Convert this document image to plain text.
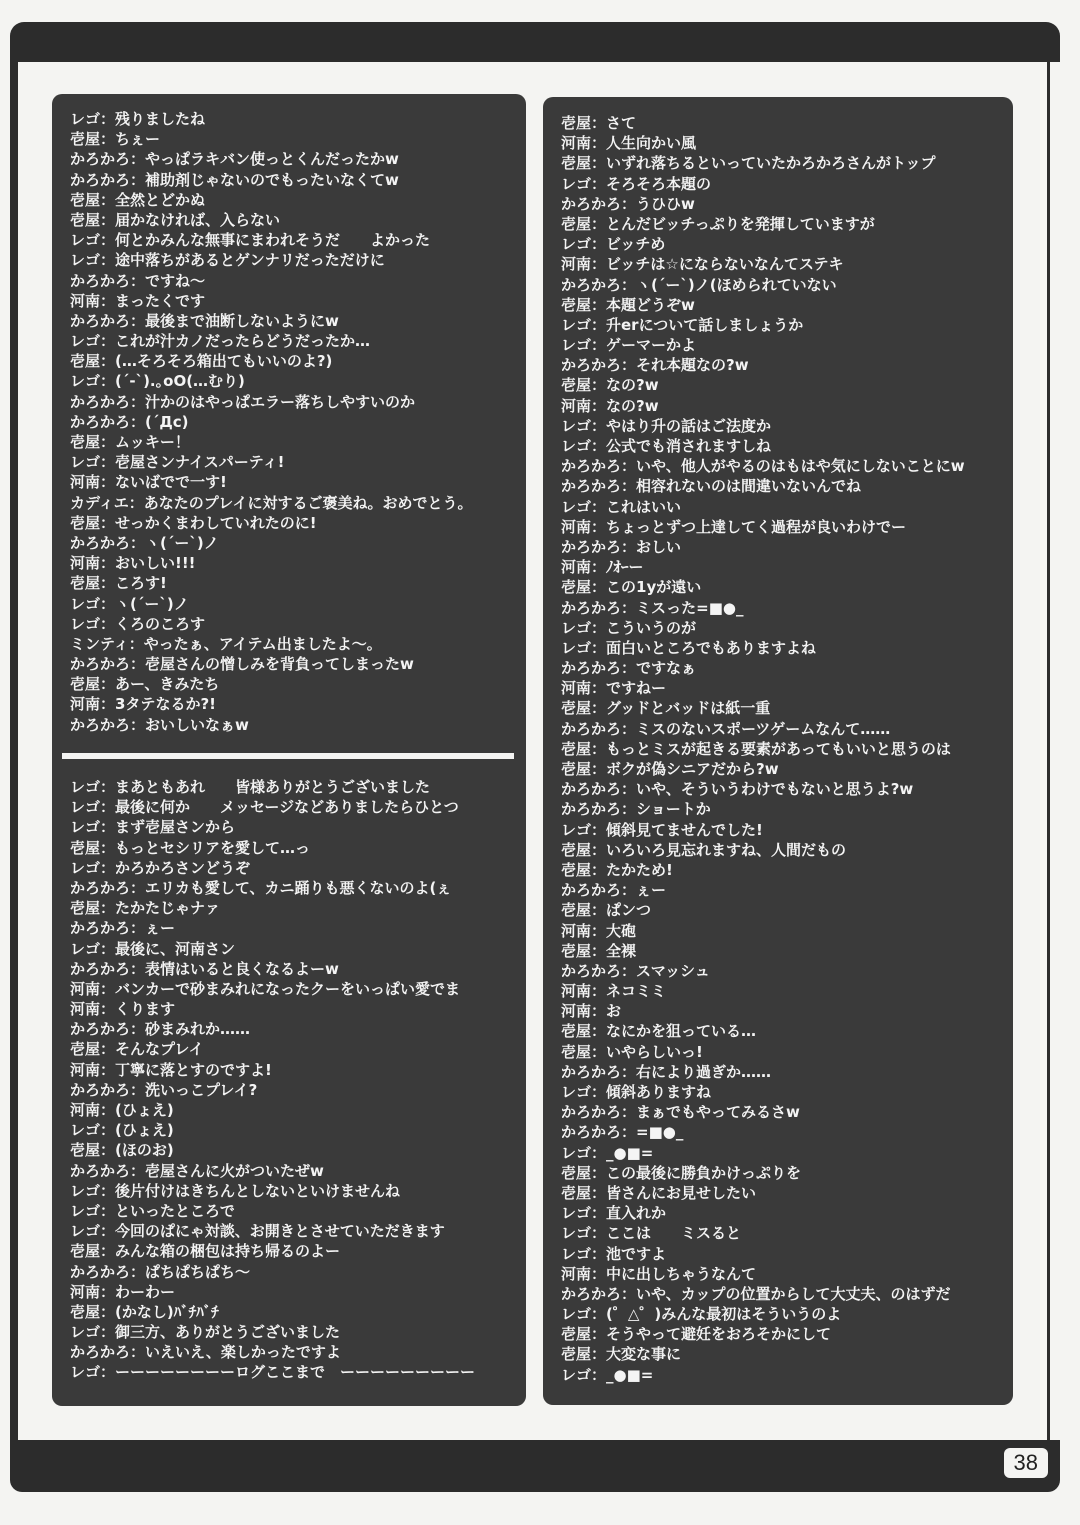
38
レゴ：残りましたね
壱屋：ちぇー
かろかろ：やっぱラキバン使っとくんだったかw
かろかろ：補助剤じゃないのでもったいなくてw
壱屋：全然とどかぬ
壱屋：届かなければ、入らない
レゴ：何とかみんな無事にまわれそうだ　　よかった
レゴ：途中落ちがあるとゲンナリだっただけに
かろかろ：ですね〜
河南：まったくです
かろかろ：最後まで油断しないようにw
レゴ：これが汁カノだったらどうだったか…
壱屋：(…そろそろ箱出てもいいのよ?)
レゴ：(´-`).｡oO(…むり)
かろかろ：汁かのはやっぱエラー落ちしやすいのか
かろかろ：(´Дc)
壱屋：ムッキー！
レゴ：壱屋さンナイスパーティ!
河南：ないばでで一す!
カディエ：あなたのプレイに対するご褒美ね。おめでとう。
壱屋：せっかくまわしていれたのに!
かろかろ：ヽ(´ー`)ノ
河南：おいしい!!!
壱屋：ころす!
レゴ：ヽ(´ー`)ノ
レゴ：くろのころす
ミンティ：やったぁ、アイテム出ましたよ〜。
かろかろ：壱屋さんの憎しみを背負ってしまったw
壱屋：あー、きみたち
河南：3タテなるか?!
かろかろ：おいしいなぁw
レゴ：まあともあれ　　皆様ありがとうございました
レゴ：最後に何か　　メッセージなどありましたらひとつ
レゴ：まず壱屋さンから
壱屋：もっとセシリアを愛して…っ
レゴ：かろかろさンどうぞ
かろかろ：エリカも愛して、カニ踊りも悪くないのよ(ぇ
壱屋：たかたじゃナァ
かろかろ：ぇー
レゴ：最後に、河南さン
かろかろ：表情はいると良くなるよーw
河南：バンカーで砂まみれになったクーをいっぱい愛でま
河南：くります
かろかろ：砂まみれか……
壱屋：そんなプレイ
河南：丁寧に落とすのですよ!
かろかろ：洗いっこプレイ?
河南：(ひょえ)
レゴ：(ひょえ)
壱屋：(ほのお)
かろかろ：壱屋さんに火がついたぜw
レゴ：後片付けはきちんとしないといけませんね
レゴ：といったところで
レゴ：今回のぱにゃ対談、お開きとさせていただきます
壱屋：みんな箱の梱包は持ち帰るのよー
かろかろ：ぱちぱちぱち〜
河南：わーわー
壱屋：(かなし)ﾊﾞﾁﾊﾞﾁ
レゴ：御三方、ありがとうございました
かろかろ：いえいえ、楽しかったですよ
レゴ：ーーーーーーーーログここまで　ーーーーーーーーー
壱屋：さて
河南：人生向かい風
壱屋：いずれ落ちるといっていたかろかろさんがトップ
レゴ：そろそろ本題の
かろかろ：うひひw
壱屋：とんだビッチっぷりを発揮していますが
レゴ：ビッチめ
河南：ビッチは☆にならないなんてステキ
かろかろ：ヽ(´ー`)ノ(ほめられていない
壱屋：本題どうぞw
レゴ：升erについて話しましょうか
レゴ：ゲーマーかよ
かろかろ：それ本題なの?w
壱屋：なの?w
河南：なの?w
レゴ：やはり升の話はご法度か
レゴ：公式でも消されますしね
かろかろ：いや、他人がやるのはもはや気にしないことにw
かろかろ：相容れないのは間違いないんでね
レゴ：これはいい
河南：ちょっとずつ上達してく過程が良いわけでー
かろかろ：おしい
河南：ﾉｵｰー
壱屋：この1yが遠い
かろかろ：ミスった=■●_
レゴ：こういうのが
レゴ：面白いところでもありますよね
かろかろ：ですなぁ
河南：ですねー
壱屋：グッドとバッドは紙一重
かろかろ：ミスのないスポーツゲームなんて……
壱屋：もっとミスが起きる要素があってもいいと思うのは
壱屋：ボクが偽シニアだから?w
かろかろ：いや、そういうわけでもないと思うよ?w
かろかろ：ショートか
レゴ：傾斜見てませんでした!
壱屋：いろいろ見忘れますね、人間だもの
壱屋：たかため!
かろかろ：ぇー
壱屋：ぱンつ
河南：大砲
壱屋：全裸
かろかろ：スマッシュ
河南：ネコミミ
河南：お
壱屋：なにかを狙っている…
壱屋：いやらしいっ!
かろかろ：右により過ぎか……
レゴ：傾斜ありますね
かろかろ：まぁでもやってみるさw
かろかろ：=■●_
レゴ：_●■=
壱屋：この最後に勝負かけっぷりを
壱屋：皆さんにお見せしたい
レゴ：直入れか
レゴ：ここは　　ミスると
レゴ：池ですよ
河南：中に出しちゃうなんて
かろかろ：いや、カップの位置からして大丈夫、のはずだ
レゴ：(゜△゜)みんな最初はそういうのよ
壱屋：そうやって避妊をおろそかにして
壱屋：大変な事に
レゴ：_●■=
